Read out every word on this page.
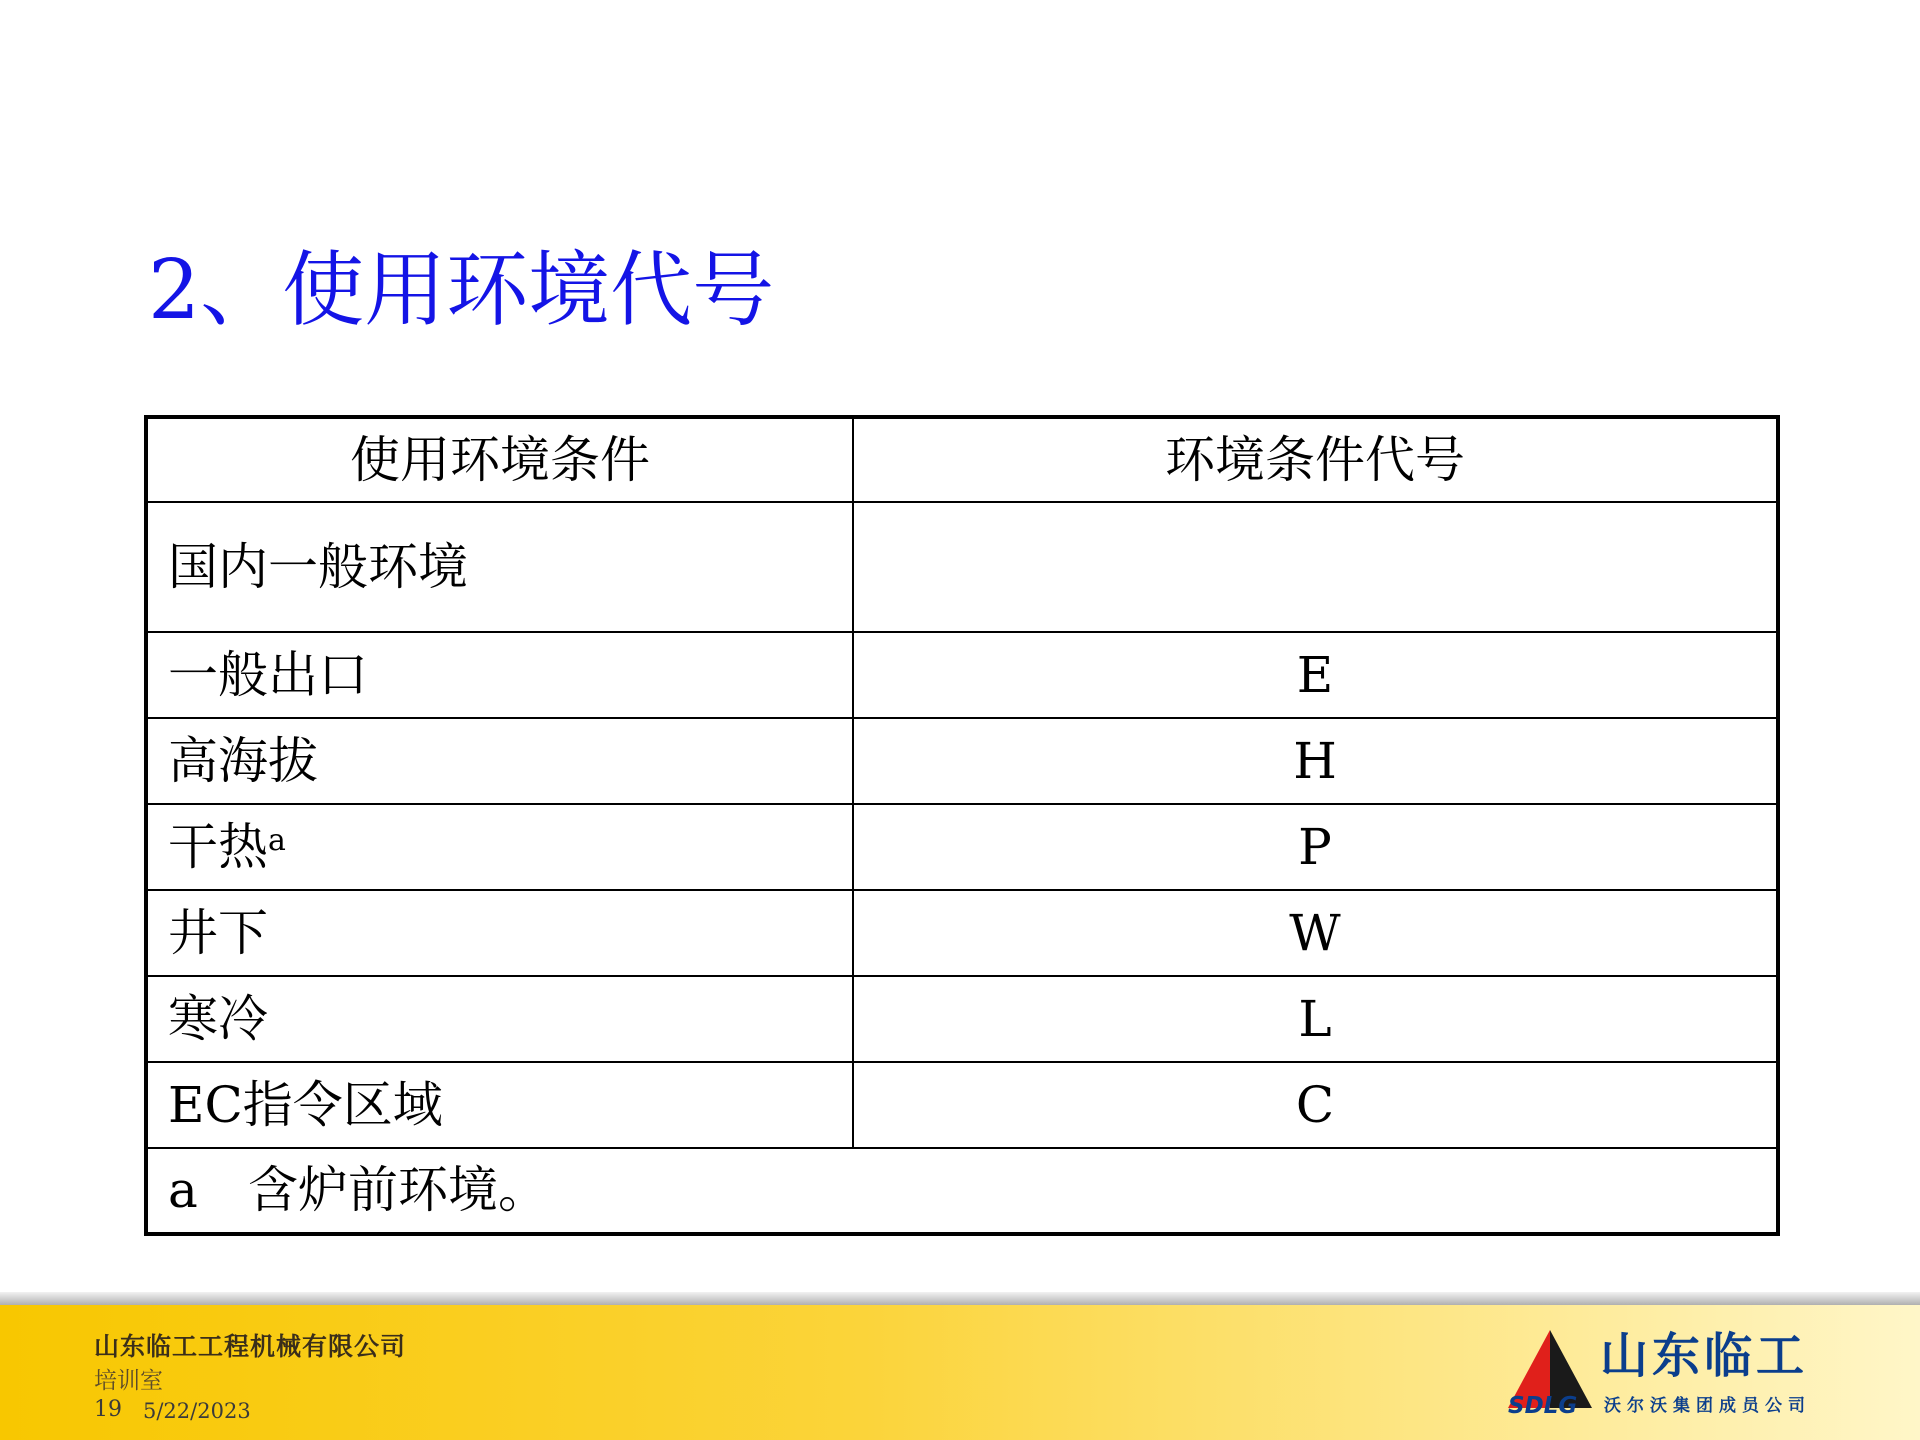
2、使用环境代号
使用环境条件	环境条件代号
国内一般环境	
一般出口	E
高海拔	H
干热$^a$	P
井下	W
寒冷	L
EC指令区域	C
a 含炉前环境。	
山东临工工程机械有限公司
培训室
19 5/22/2023
山东临工
SDLG 沃尔沃集团成员公司
